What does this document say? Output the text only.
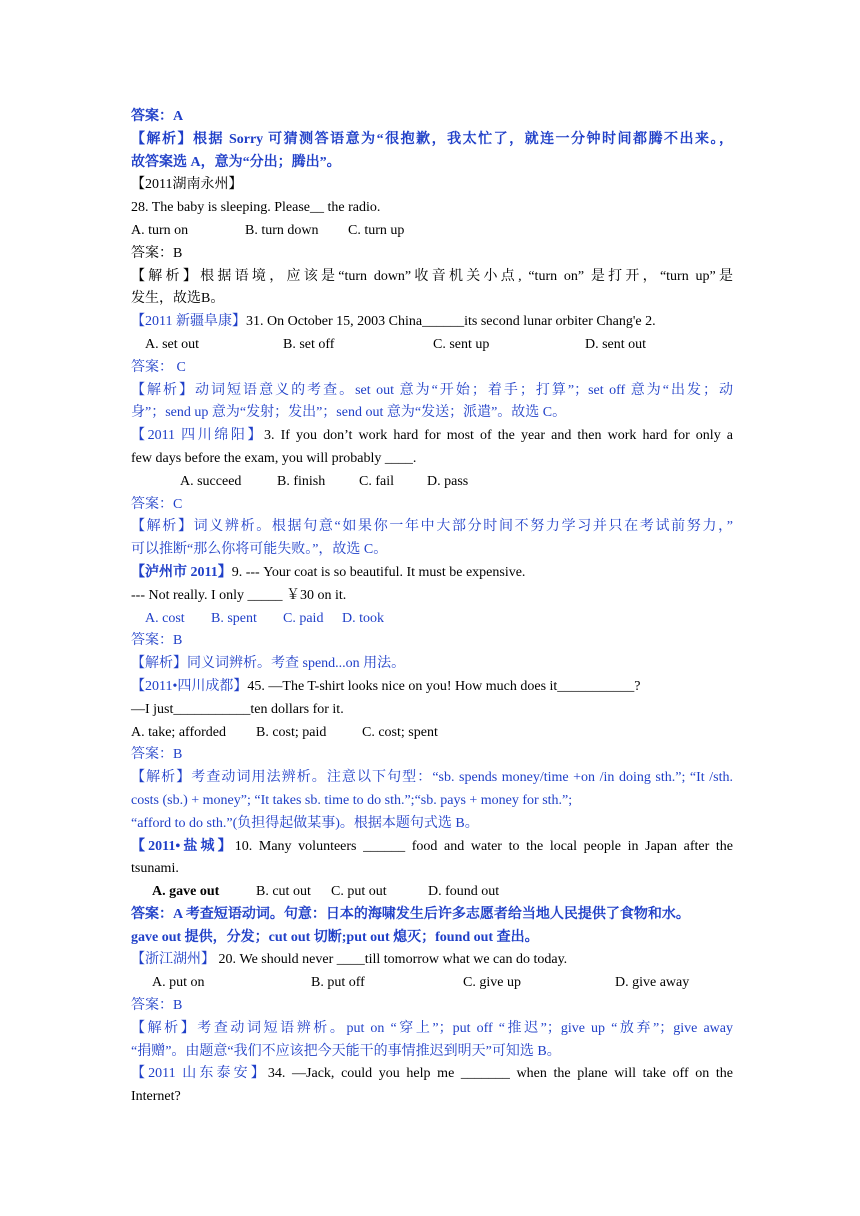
答案：A
【解析】根据 Sorry 可猜测答语意为“很抱歉，我太忙了，就连一分钟时间都腾不出来。，
故答案选 A，意为“分出；腾出”。
【2011湖南永州】
28. The baby is sleeping. Please__ the radio.
A. turn on	B. turn down C. turn up
答案：B
【解析】根据语境，应该是“turn down”收音机关小点, “turn on” 是打开，“turn up”是
发生，故选B。
【2011 新疆阜康】31. On October 15, 2003 China______its second lunar orbiter Chang'e 2.
A. set out	B. set off	C. sent up	D. sent out
答案： C
【解析】动词短语意义的考查。set out 意为“开始；着手；打算”；set off 意为“出发；动
身”；send up 意为“发射；发出”；send out 意为“发送；派遣”。故选 C。
【2011 四川绵阳】3. If you don’t work hard for most of the year and then work hard for only a
few days before the exam, you will probably ____.
A. succeed	B. finish C. fail D. pass
答案：C
【解析】词义辨析。根据句意“如果你一年中大部分时间不努力学习并只在考试前努力，”
可以推断“那么你将可能失败。”，故选 C。
【泸州市 2011】9. --- Your coat is so beautiful. It must be expensive.
--- Not really. I only _____ ￥30 on it.
A. cost B. spent C. paid D. took
答案：B
【解析】同义词辨析。考查 spend...on 用法。
【2011•四川成都】45. —The T-shirt looks nice on you! How much does it___________?
—I just___________ten dollars for it.
A. take; afforded B. cost; paid	C. cost; spent
答案：B
【解析】考查动词用法辨析。注意以下句型：“sb. spends money/time +on /in doing sth.”; “It /sth.
costs (sb.) + money”; “It takes sb. time to do sth.”;“sb. pays + money for sth.”;
“afford to do sth.”(负担得起做某事)。根据本题句式选 B。
【2011•盐城】10. Many volunteers ______ food and water to the local people in Japan after the
tsunami.
A. gave out	B. cut out C. put out	D. found out
答案：A 考查短语动词。句意：日本的海啸发生后许多志愿者给当地人民提供了食物和水。
gave out 提供，分发；cut out 切断;put out 熄灭；found out 查出。
【浙江湖州】 20. We should never ____till tomorrow what we can do today.
A. put on	B. put off	C. give up	D. give away
答案：B
【解析】考查动词短语辨析。put on “穿上”；put off “推迟”；give up “放弃”；give away
“捐赠”。由题意“我们不应该把今天能干的事情推迟到明天”可知选 B。
【2011 山东泰安】34. —Jack, could you help me _______ when the plane will take off on the
Internet?
